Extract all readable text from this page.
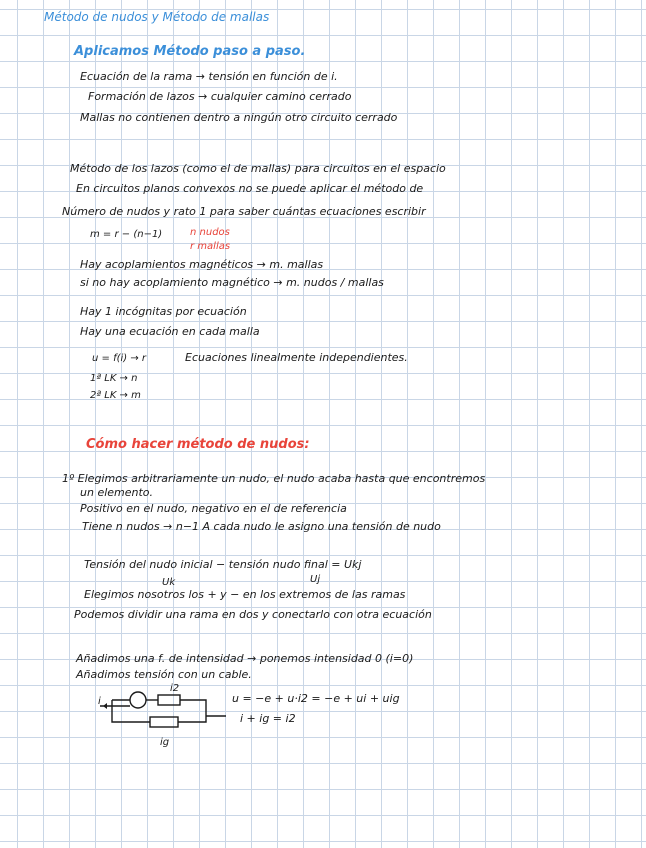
Método de nudos y Método de mallas
Aplicamos Método paso a paso.
Ecuación de la rama → tensión en función de i.
Formación de lazos → cualquier camino cerrado
Mallas no contienen dentro a ningún otro circuito cerrado
Método de los lazos (como el de mallas) para circuitos en el espacio
En circuitos planos convexos no se puede aplicar el método de
Número de nudos y rato 1 para saber cuántas ecuaciones escribir
m = r − (n−1)	n nudos
r mallas
Hay acoplamientos magnéticos → m. mallas
si no hay acoplamiento magnético → m. nudos / mallas
Hay 1 incógnitas por ecuación
Hay una ecuación en cada malla
u = f(i) → r	Ecuaciones linealmente independientes.
1ª LK → n
2ª LK → m
Cómo hacer método de nudos:
1º Elegimos arbitrariamente un nudo, el nudo acaba hasta que encontremos
un elemento.
Positivo en el nudo, negativo en el de referencia
Tiene n nudos → n−1 A cada nudo le asigno una tensión de nudo
Tensión del nudo inicial − tensión nudo final = Ukj
Uk	Uj
Elegimos nosotros los + y − en los extremos de las ramas
Podemos dividir una rama en dos y conectarlo con otra ecuación
Añadimos una f. de intensidad → ponemos intensidad 0 (i=0)
Añadimos tensión con un cable.
i
i2
ig
u = −e + u·i2 = −e + ui + uig
i + ig = i2
